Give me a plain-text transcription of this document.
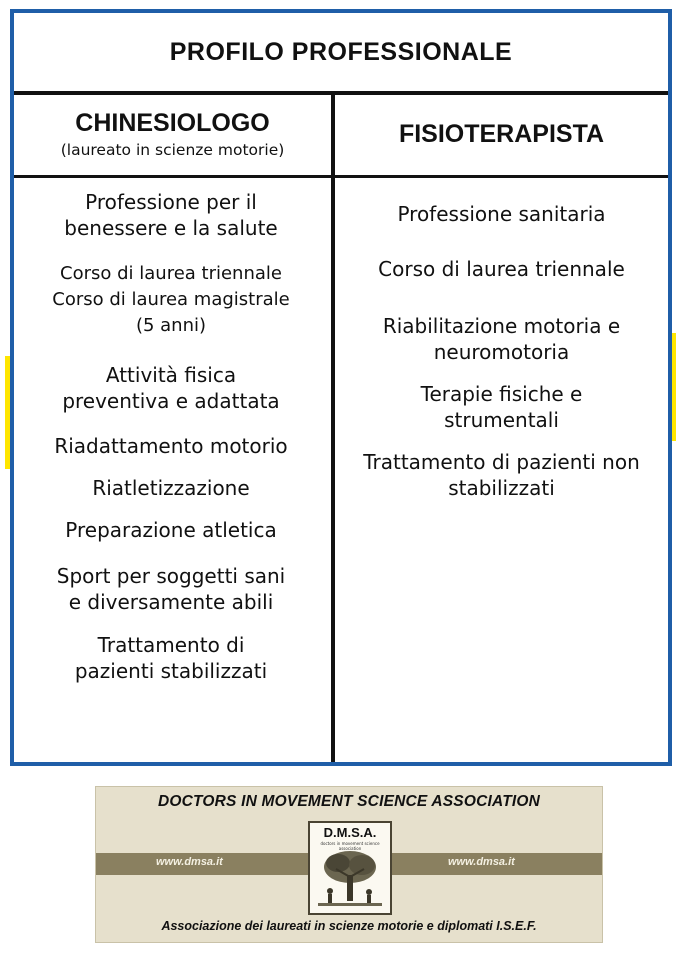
PROFILO PROFESSIONALE
CHINESIOLOGO
(laureato in scienze motorie)
FISIOTERAPISTA
Professione per il
benessere e la salute
Corso di laurea triennale
Corso di laurea magistrale
(5 anni)
Attività fisica
preventiva e adattata
Riadattamento motorio
Riatletizzazione
Preparazione atletica
Sport per soggetti sani
e diversamente abili
Trattamento di
pazienti stabilizzati
Professione sanitaria
Corso di laurea triennale
Riabilitazione motoria e
neuromotoria
Terapie fisiche e
strumentali
Trattamento di pazienti non
stabilizzati
DOCTORS IN MOVEMENT SCIENCE ASSOCIATION
www.dmsa.it	www.dmsa.it
D.M.S.A.
doctors in movement science association
Associazione dei laureati in scienze motorie e diplomati I.S.E.F.
